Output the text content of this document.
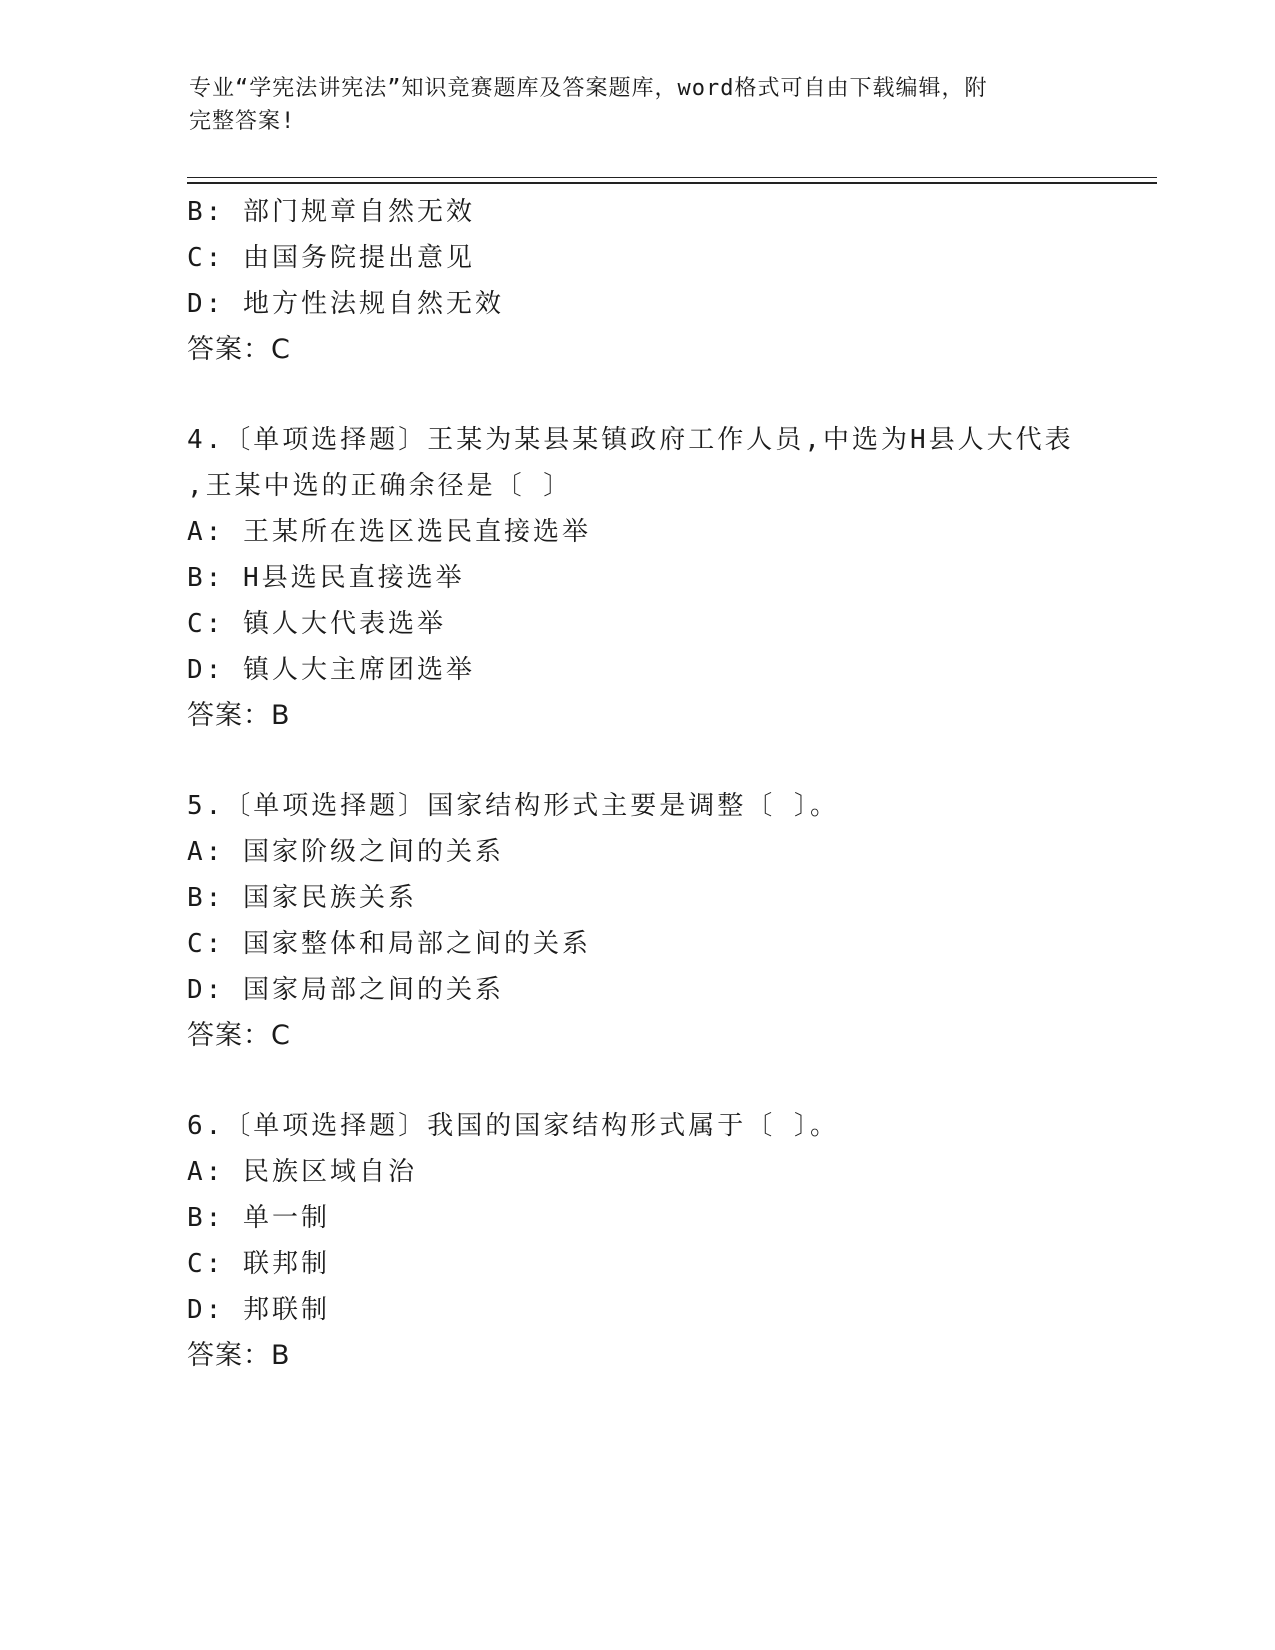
专业“学宪法讲宪法”知识竞赛题库及答案题库，word格式可自由下载编辑，附
完整答案!
B: 部门规章自然无效
C: 由国务院提出意见
D: 地方性法规自然无效
答案：C
4.〔单项选择题〕王某为某县某镇政府工作人员,中选为H县人大代表
,王某中选的正确余径是〔 〕
A: 王某所在选区选民直接选举
B: H县选民直接选举
C: 镇人大代表选举
D: 镇人大主席团选举
答案：B
5.〔单项选择题〕国家结构形式主要是调整〔 〕。
A: 国家阶级之间的关系
B: 国家民族关系
C: 国家整体和局部之间的关系
D: 国家局部之间的关系
答案：C
6.〔单项选择题〕我国的国家结构形式属于〔 〕。
A: 民族区域自治
B: 单一制
C: 联邦制
D: 邦联制
答案：B
